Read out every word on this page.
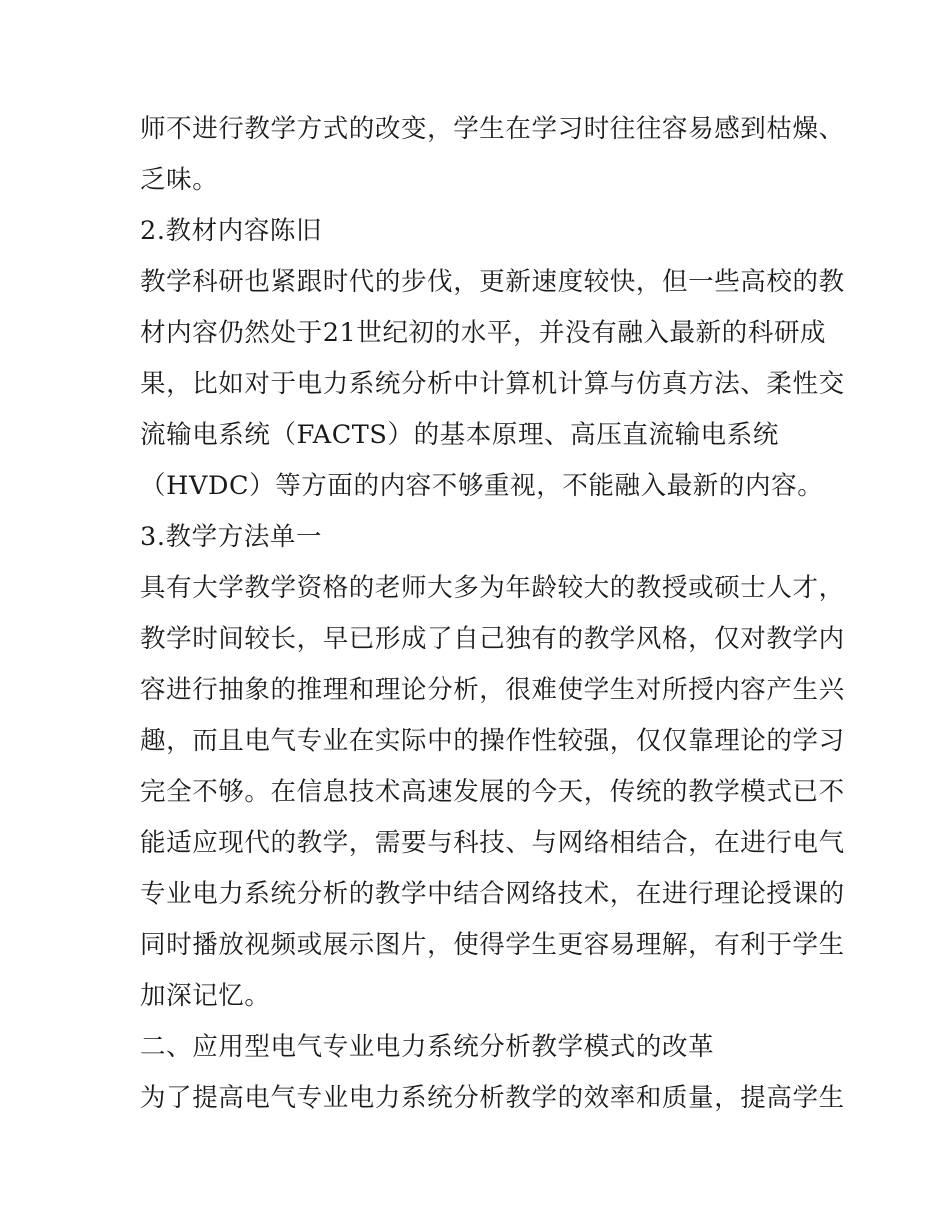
师不进行教学方式的改变，学生在学习时往往容易感到枯燥、
乏味。
2.教材内容陈旧
教学科研也紧跟时代的步伐，更新速度较快，但一些高校的教
材内容仍然处于21世纪初的水平，并没有融入最新的科研成
果，比如对于电力系统分析中计算机计算与仿真方法、柔性交
流输电系统（FACTS）的基本原理、高压直流输电系统
（HVDC）等方面的内容不够重视，不能融入最新的内容。
3.教学方法单一
具有大学教学资格的老师大多为年龄较大的教授或硕士人才，
教学时间较长，早已形成了自己独有的教学风格，仅对教学内
容进行抽象的推理和理论分析，很难使学生对所授内容产生兴
趣，而且电气专业在实际中的操作性较强，仅仅靠理论的学习
完全不够。在信息技术高速发展的今天，传统的教学模式已不
能适应现代的教学，需要与科技、与网络相结合，在进行电气
专业电力系统分析的教学中结合网络技术，在进行理论授课的
同时播放视频或展示图片，使得学生更容易理解，有利于学生
加深记忆。
二、应用型电气专业电力系统分析教学模式的改革
为了提高电气专业电力系统分析教学的效率和质量，提高学生
